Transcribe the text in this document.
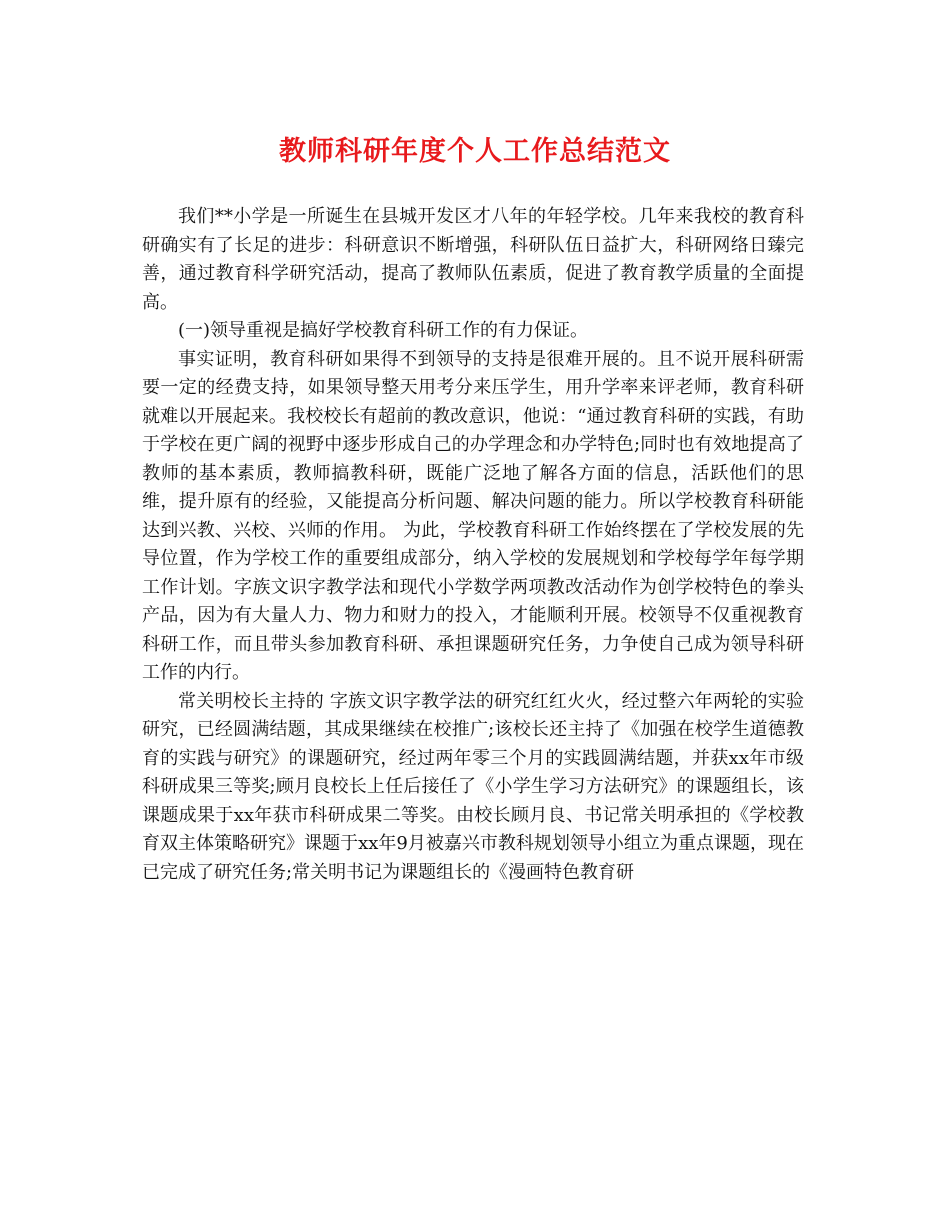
教师科研年度个人工作总结范文

我们**小学是一所诞生在县城开发区才八年的年轻学校。几年来我校的教育科研确实有了长足的进步：科研意识不断增强，科研队伍日益扩大，科研网络日臻完善，通过教育科学研究活动，提高了教师队伍素质，促进了教育教学质量的全面提高。

(一)领导重视是搞好学校教育科研工作的有力保证。

事实证明，教育科研如果得不到领导的支持是很难开展的。且不说开展科研需要一定的经费支持，如果领导整天用考分来压学生，用升学率来评老师，教育科研就难以开展起来。我校校长有超前的教改意识，他说：“通过教育科研的实践，有助于学校在更广阔的视野中逐步形成自己的办学理念和办学特色;同时也有效地提高了教师的基本素质，教师搞教科研，既能广泛地了解各方面的信息，活跃他们的思维，提升原有的经验，又能提高分析问题、解决问题的能力。所以学校教育科研能达到兴教、兴校、兴师的作用。 为此，学校教育科研工作始终摆在了学校发展的先导位置，作为学校工作的重要组成部分，纳入学校的发展规划和学校每学年每学期工作计划。字族文识字教学法和现代小学数学两项教改活动作为创学校特色的拳头产品，因为有大量人力、物力和财力的投入，才能顺利开展。校领导不仅重视教育科研工作，而且带头参加教育科研、承担课题研究任务，力争使自己成为领导科研工作的内行。

常关明校长主持的 字族文识字教学法的研究红红火火，经过整六年两轮的实验研究，已经圆满结题，其成果继续在校推广;该校长还主持了《加强在校学生道德教育的实践与研究》的课题研究，经过两年零三个月的实践圆满结题，并获xx年市级科研成果三等奖;顾月良校长上任后接任了《小学生学习方法研究》的课题组长，该课题成果于xx年获市科研成果二等奖。由校长顾月良、书记常关明承担的《学校教育双主体策略研究》课题于xx年9月被嘉兴市教科规划领导小组立为重点课题，现在已完成了研究任务;常关明书记为课题组长的《漫画特色教育研
